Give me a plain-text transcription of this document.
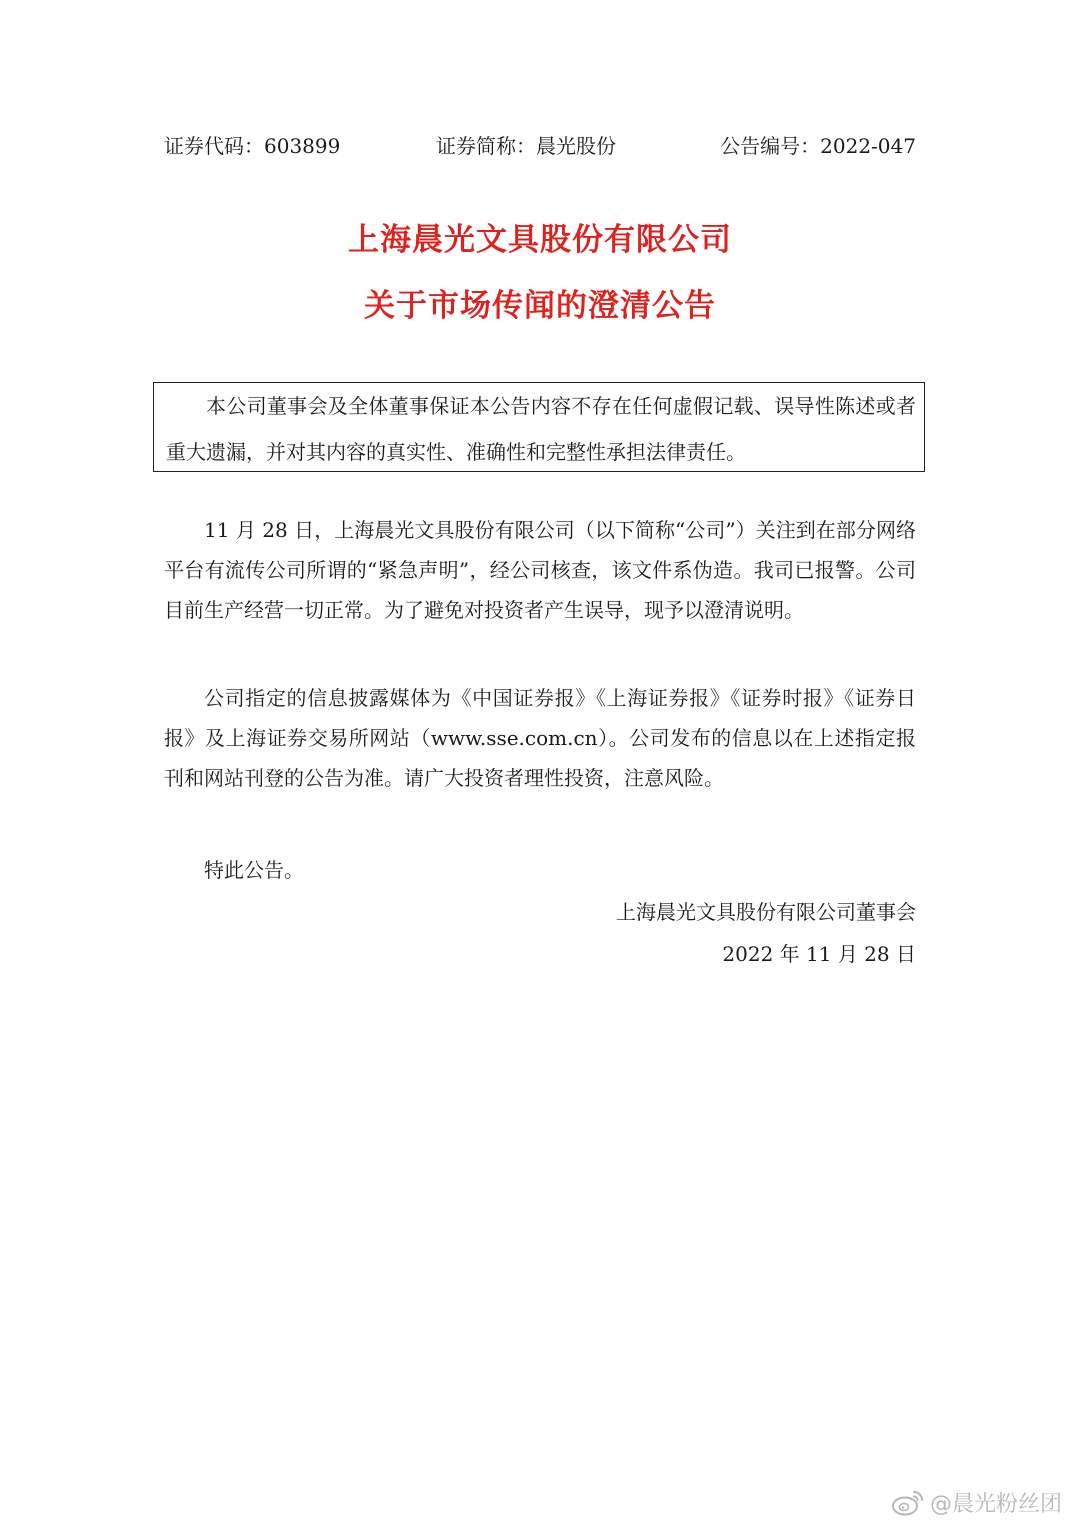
证券代码：603899	证券简称：晨光股份	公告编号：2022-047
上海晨光文具股份有限公司
关于市场传闻的澄清公告
本公司董事会及全体董事保证本公告内容不存在任何虚假记载、误导性陈述或者重大遗漏，并对其内容的真实性、准确性和完整性承担法律责任。
11 月 28 日，上海晨光文具股份有限公司（以下简称“公司”）关注到在部分网络平台有流传公司所谓的“紧急声明”，经公司核查，该文件系伪造。我司已报警。公司目前生产经营一切正常。为了避免对投资者产生误导，现予以澄清说明。
公司指定的信息披露媒体为《中国证券报》《上海证券报》《证券时报》《证券日报》及上海证券交易所网站（www.sse.com.cn）。公司发布的信息以在上述指定报刊和网站刊登的公告为准。请广大投资者理性投资，注意风险。
特此公告。
上海晨光文具股份有限公司董事会
2022 年 11 月 28 日
@晨光粉丝团
